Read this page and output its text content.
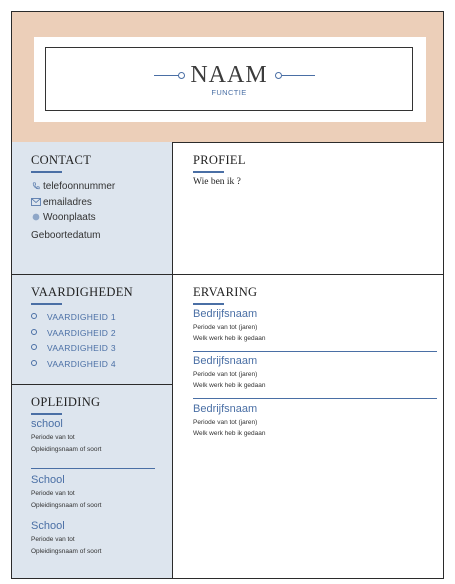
NAAM
FUNCTIE
CONTACT
telefoonnummer
emailadres
Woonplaats
Geboortedatum
PROFIEL
Wie ben ik ?
VAARDIGHEDEN
VAARDIGHEID 1
VAARDIGHEID 2
VAARDIGHEID 3
VAARDIGHEID 4
OPLEIDING
school
Periode van tot
Opleidingsnaam of soort
School
Periode van tot
Opleidingsnaam of soort
School
Periode van tot
Opleidingsnaam of soort
ERVARING
Bedrijfsnaam
Periode van tot (jaren)
Welk werk heb ik gedaan
Bedrijfsnaam
Periode van tot (jaren)
Welk werk heb ik gedaan
Bedrijfsnaam
Periode van tot (jaren)
Welk werk heb ik gedaan
